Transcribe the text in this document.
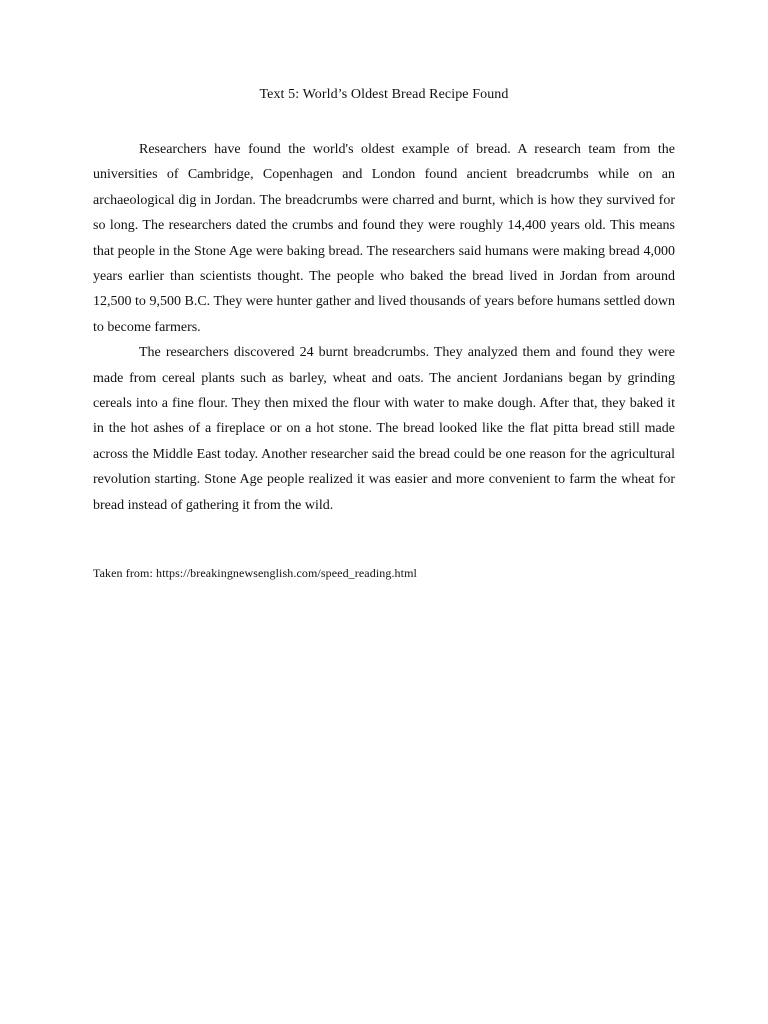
Text 5: World’s Oldest Bread Recipe Found

Researchers have found the world's oldest example of bread. A research team from the universities of Cambridge, Copenhagen and London found ancient breadcrumbs while on an archaeological dig in Jordan. The breadcrumbs were charred and burnt, which is how they survived for so long. The researchers dated the crumbs and found they were roughly 14,400 years old. This means that people in the Stone Age were baking bread. The researchers said humans were making bread 4,000 years earlier than scientists thought. The people who baked the bread lived in Jordan from around 12,500 to 9,500 B.C. They were hunter gather and lived thousands of years before humans settled down to become farmers.

The researchers discovered 24 burnt breadcrumbs. They analyzed them and found they were made from cereal plants such as barley, wheat and oats. The ancient Jordanians began by grinding cereals into a fine flour. They then mixed the flour with water to make dough. After that, they baked it in the hot ashes of a fireplace or on a hot stone. The bread looked like the flat pitta bread still made across the Middle East today. Another researcher said the bread could be one reason for the agricultural revolution starting. Stone Age people realized it was easier and more convenient to farm the wheat for bread instead of gathering it from the wild.

Taken from: https://breakingnewsenglish.com/speed_reading.html
